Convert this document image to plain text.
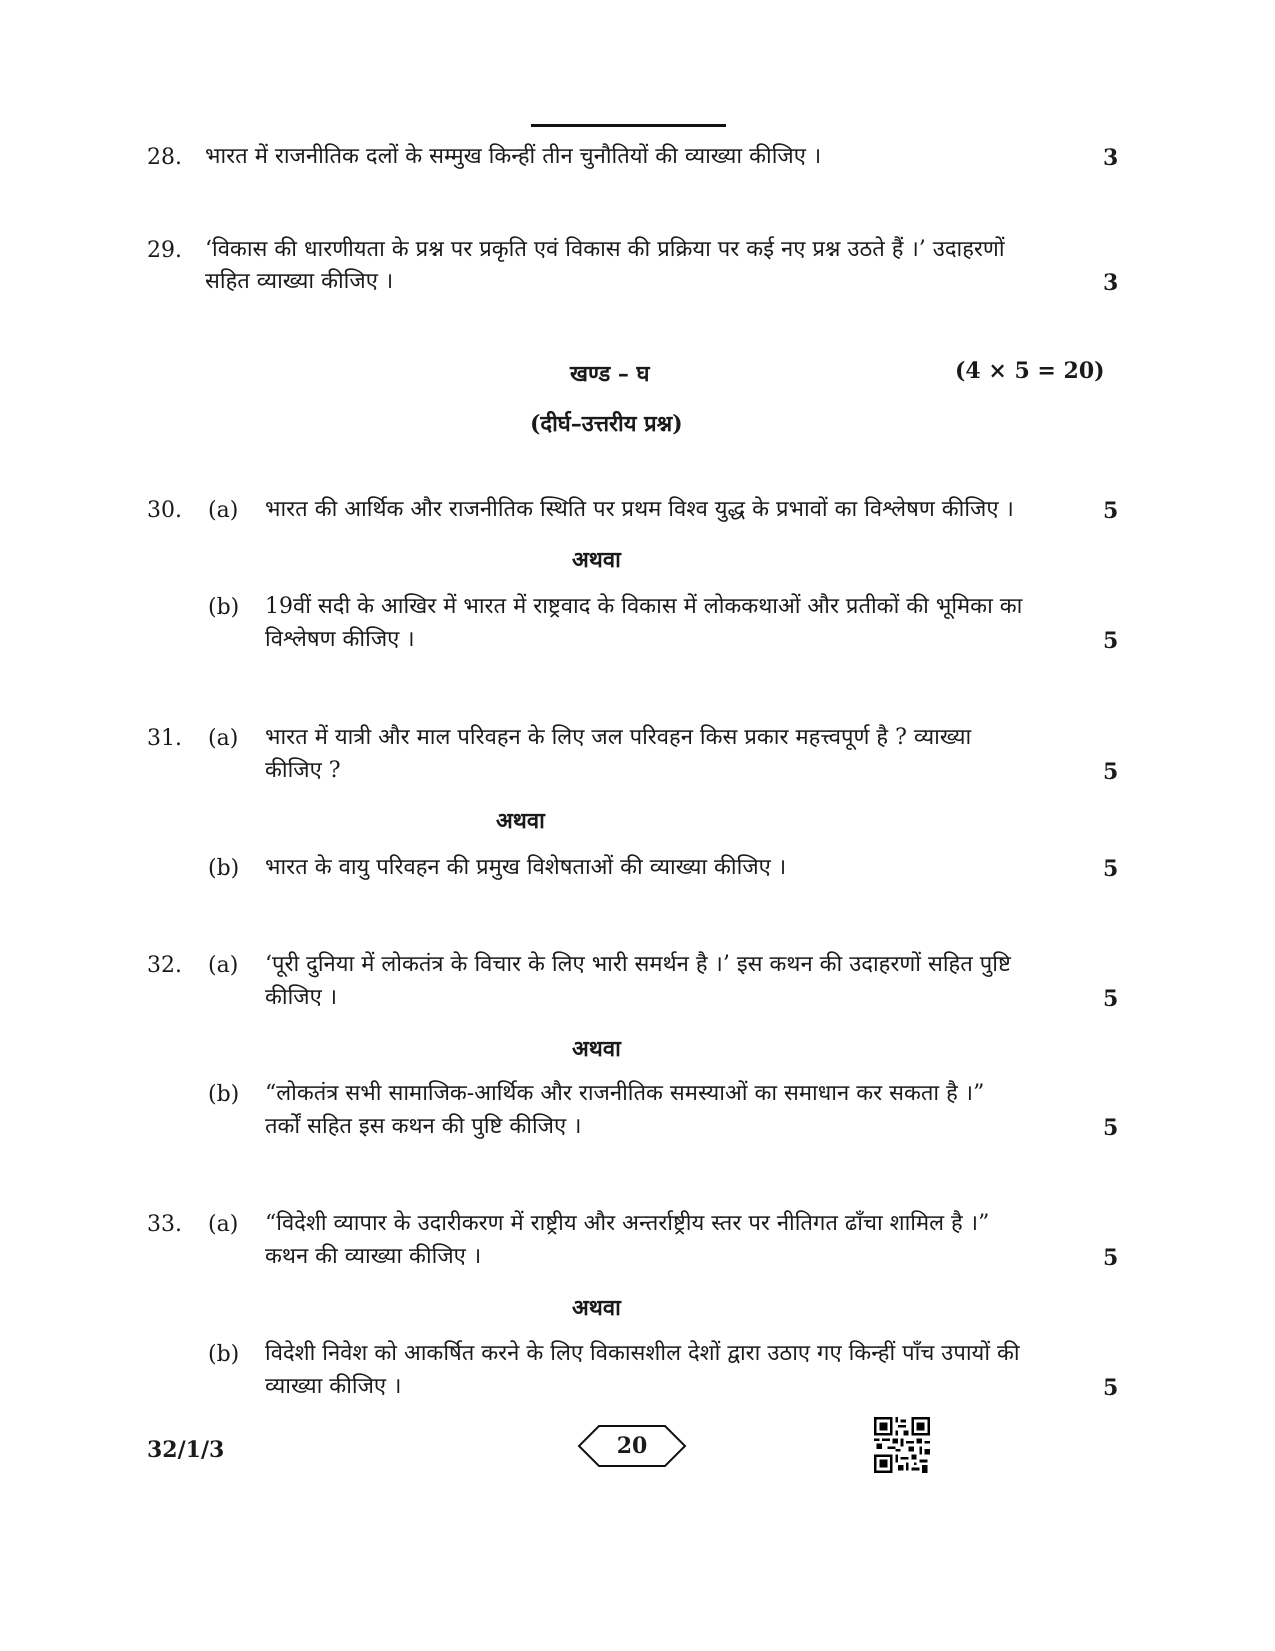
28. भारत में राजनीतिक दलों के सम्मुख किन्हीं तीन चुनौतियों की व्याख्या कीजिए ।	3
29. ‘विकास की धारणीयता के प्रश्न पर प्रकृति एवं विकास की प्रक्रिया पर कई नए प्रश्न उठते हैं ।’ उदाहरणों
सहित व्याख्या कीजिए ।	3
खण्ड – घ	(4 × 5 = 20)
(दीर्घ–उत्तरीय प्रश्न)
30. (a) भारत की आर्थिक और राजनीतिक स्थिति पर प्रथम विश्व युद्ध के प्रभावों का विश्लेषण कीजिए ।	5
अथवा
(b) 19वीं सदी के आखिर में भारत में राष्ट्रवाद के विकास में लोककथाओं और प्रतीकों की भूमिका का
विश्लेषण कीजिए ।	5
31. (a) भारत में यात्री और माल परिवहन के लिए जल परिवहन किस प्रकार महत्त्वपूर्ण है ? व्याख्या
कीजिए ?	5
अथवा
(b) भारत के वायु परिवहन की प्रमुख विशेषताओं की व्याख्या कीजिए ।	5
32. (a) ‘पूरी दुनिया में लोकतंत्र के विचार के लिए भारी समर्थन है ।’ इस कथन की उदाहरणों सहित पुष्टि
कीजिए ।	5
अथवा
(b) “लोकतंत्र सभी सामाजिक-आर्थिक और राजनीतिक समस्याओं का समाधान कर सकता है ।”
तर्कों सहित इस कथन की पुष्टि कीजिए ।	5
33. (a) “विदेशी व्यापार के उदारीकरण में राष्ट्रीय और अन्तर्राष्ट्रीय स्तर पर नीतिगत ढाँचा शामिल है ।”
कथन की व्याख्या कीजिए ।	5
अथवा
(b) विदेशी निवेश को आकर्षित करने के लिए विकासशील देशों द्वारा उठाए गए किन्हीं पाँच उपायों की
व्याख्या कीजिए ।	5
32/1/3	20
